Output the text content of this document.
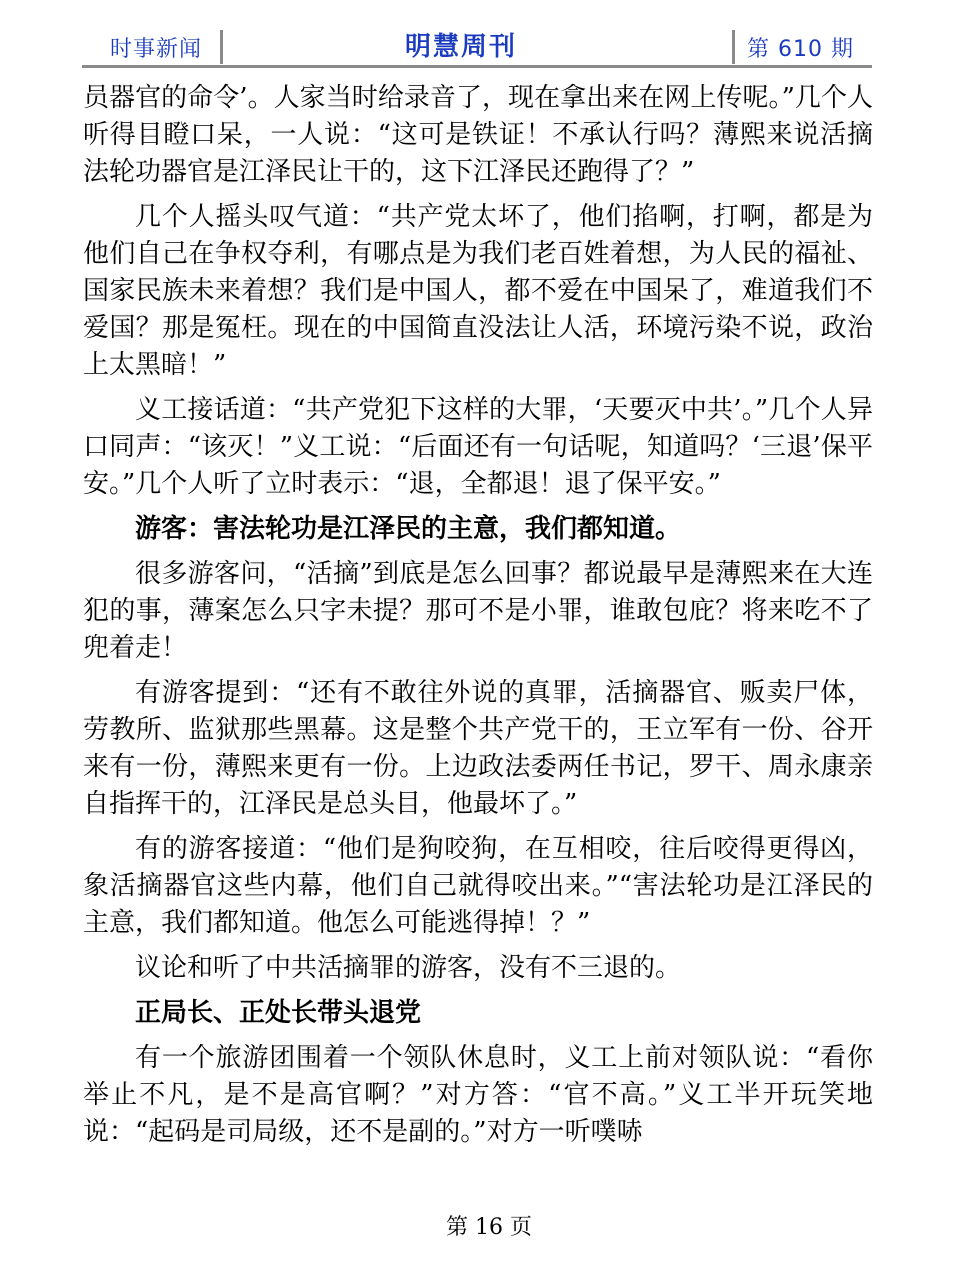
时事新闻	明慧周刊	第 610 期

员器官的命令’。人家当时给录音了，现在拿出来在网上传呢。”几个人听得目瞪口呆，一人说：“这可是铁证！不承认行吗？薄熙来说活摘法轮功器官是江泽民让干的，这下江泽民还跑得了？”

几个人摇头叹气道：“共产党太坏了，他们掐啊，打啊，都是为他们自己在争权夺利，有哪点是为我们老百姓着想，为人民的福祉、国家民族未来着想？我们是中国人，都不爱在中国呆了，难道我们不爱国？那是冤枉。现在的中国简直没法让人活，环境污染不说，政治上太黑暗！”

义工接话道：“共产党犯下这样的大罪，‘天要灭中共’。”几个人异口同声：“该灭！”义工说：“后面还有一句话呢，知道吗？‘三退’保平安。”几个人听了立时表示：“退，全都退！退了保平安。”

游客：害法轮功是江泽民的主意，我们都知道。

很多游客问，“活摘”到底是怎么回事？都说最早是薄熙来在大连犯的事，薄案怎么只字未提？那可不是小罪，谁敢包庇？将来吃不了兜着走！

有游客提到：“还有不敢往外说的真罪，活摘器官、贩卖尸体，劳教所、监狱那些黑幕。这是整个共产党干的，王立军有一份、谷开来有一份，薄熙来更有一份。上边政法委两任书记，罗干、周永康亲自指挥干的，江泽民是总头目，他最坏了。”

有的游客接道：“他们是狗咬狗，在互相咬，往后咬得更得凶，象活摘器官这些内幕，他们自己就得咬出来。”“害法轮功是江泽民的主意，我们都知道。他怎么可能逃得掉！？”

议论和听了中共活摘罪的游客，没有不三退的。

正局长、正处长带头退党

有一个旅游团围着一个领队休息时，义工上前对领队说：“看你举止不凡，是不是高官啊？”对方答：“官不高。”义工半开玩笑地说：“起码是司局级，还不是副的。”对方一听噗哧

第 16 页
